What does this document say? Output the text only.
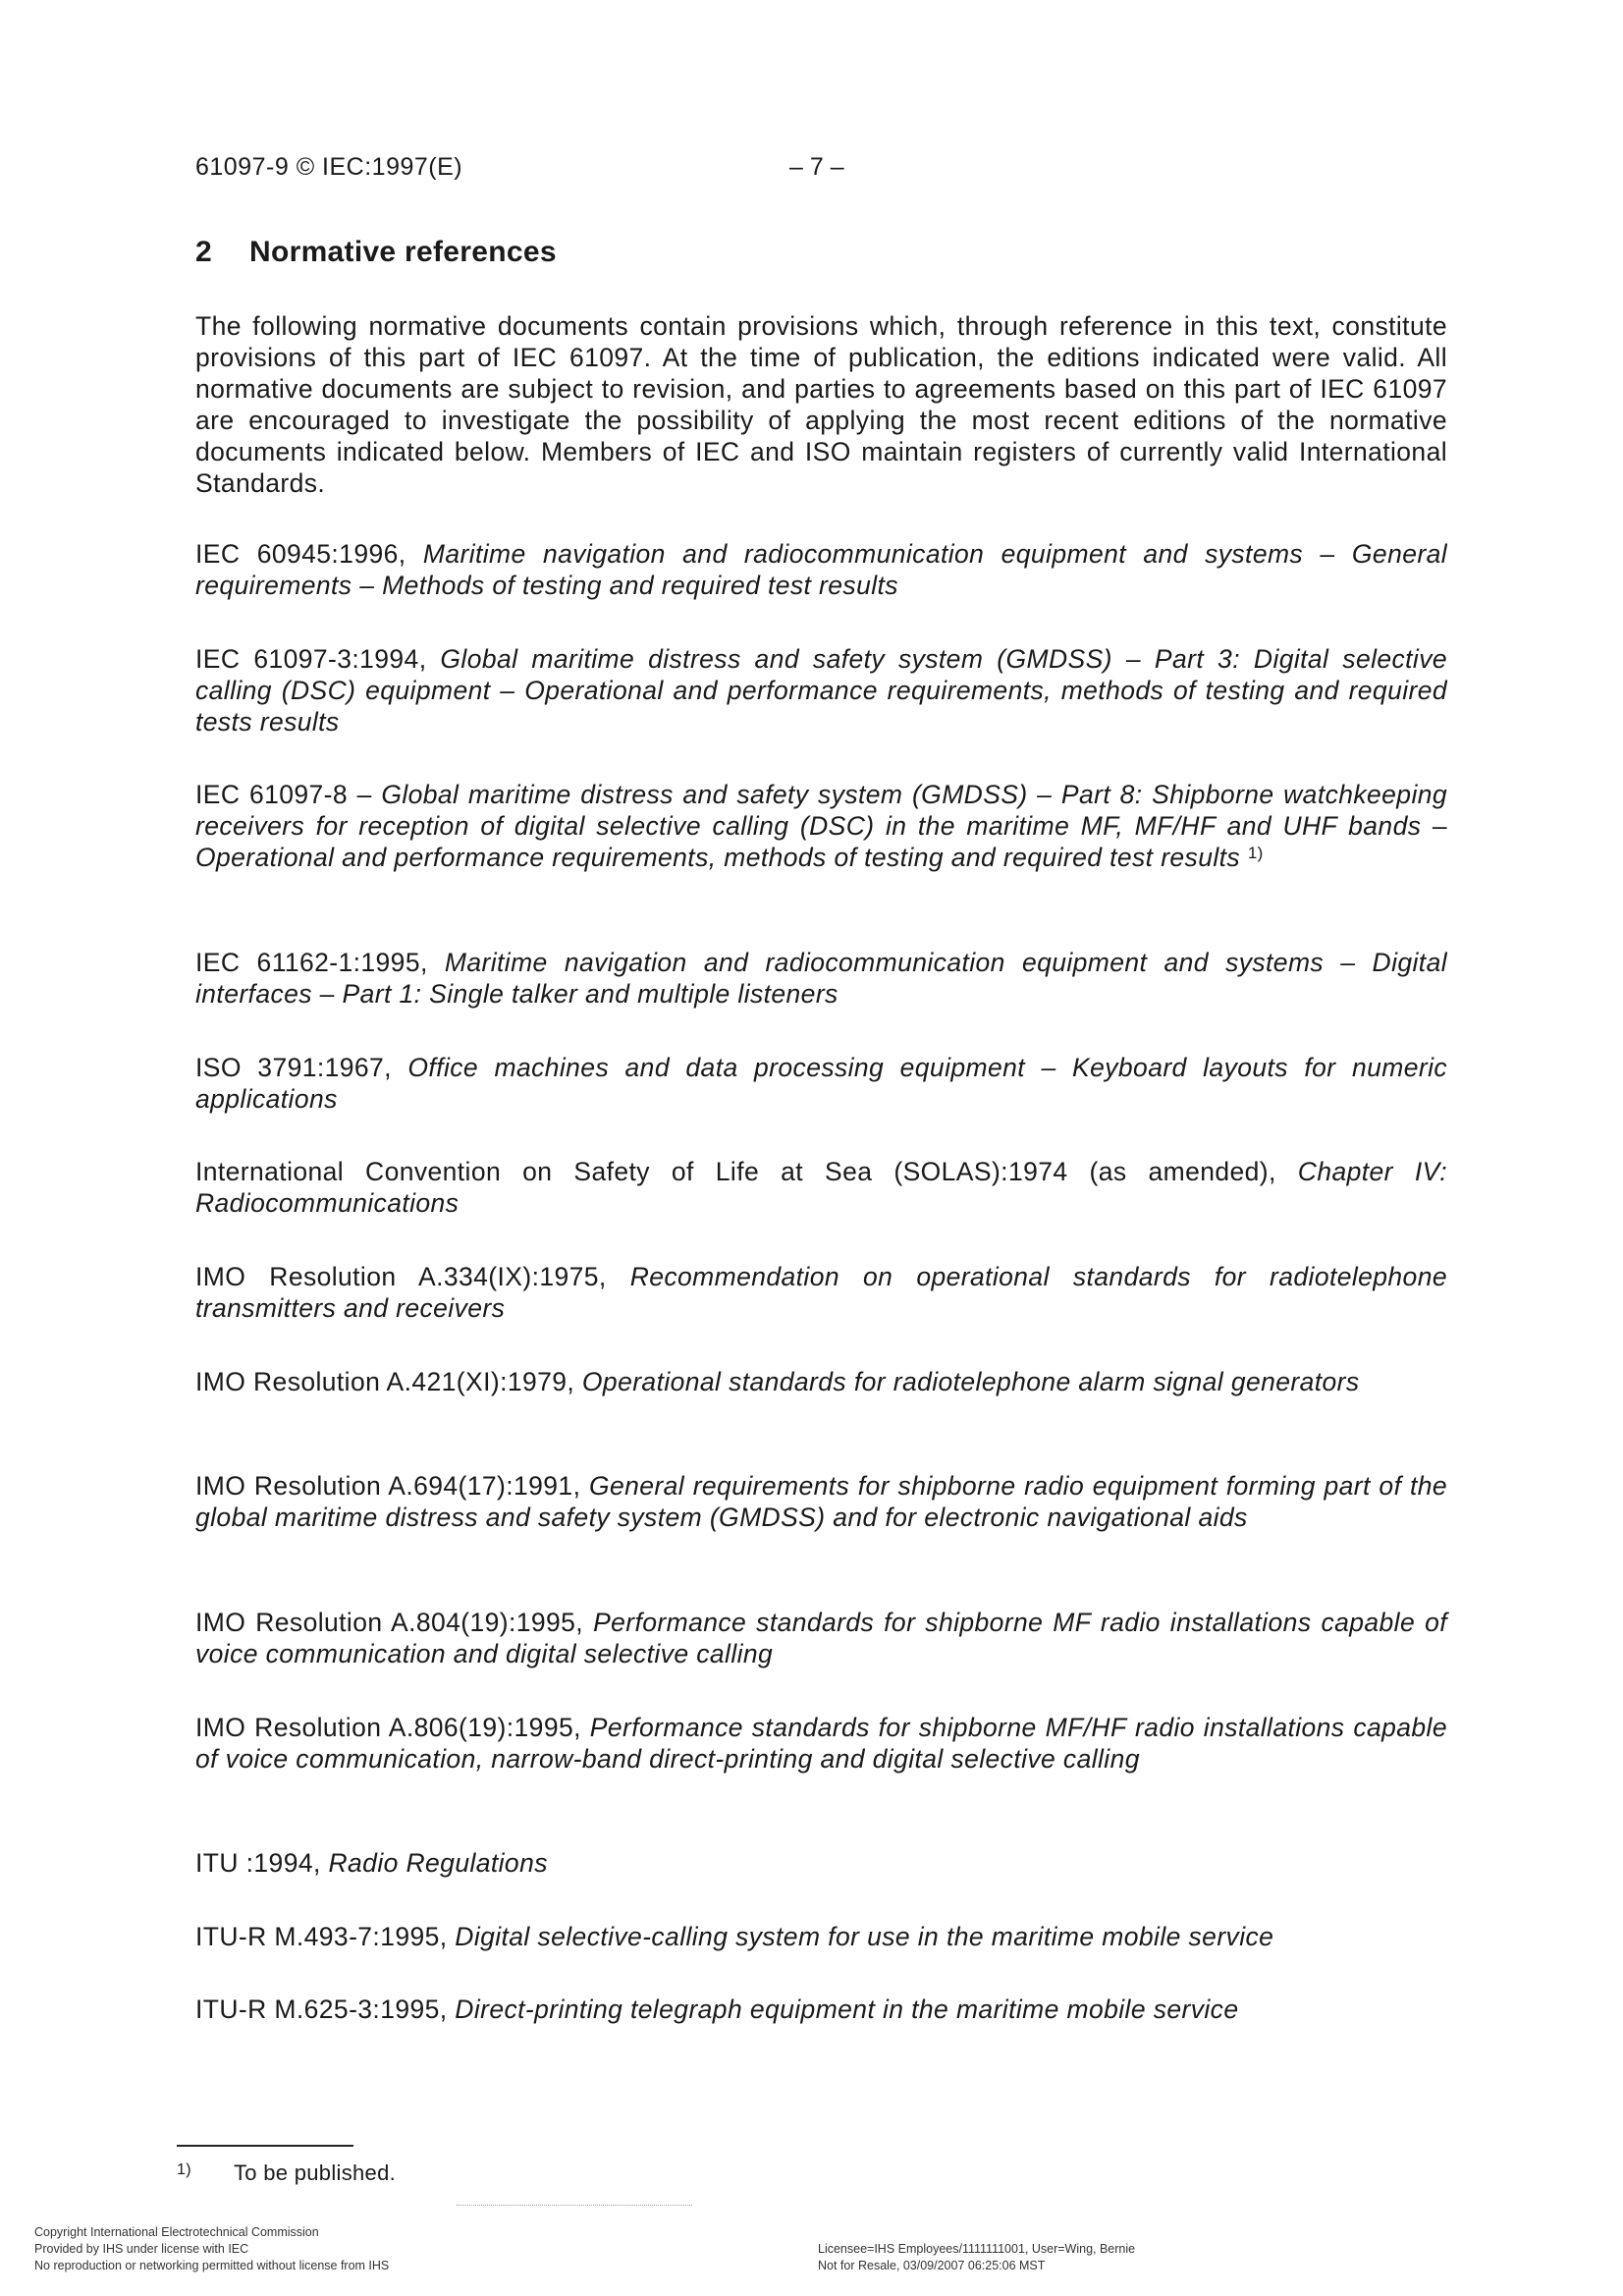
61097-9 © IEC:1997(E)	– 7 –
2 Normative references
The following normative documents contain provisions which, through reference in this text, constitute provisions of this part of IEC 61097. At the time of publication, the editions indicated were valid. All normative documents are subject to revision, and parties to agreements based on this part of IEC 61097 are encouraged to investigate the possibility of applying the most recent editions of the normative documents indicated below. Members of IEC and ISO maintain registers of currently valid International Standards.
IEC 60945:1996, Maritime navigation and radiocommunication equipment and systems – General requirements – Methods of testing and required test results
IEC 61097-3:1994, Global maritime distress and safety system (GMDSS) – Part 3: Digital selective calling (DSC) equipment – Operational and performance requirements, methods of testing and required tests results
IEC 61097-8 – Global maritime distress and safety system (GMDSS) – Part 8: Shipborne watchkeeping receivers for reception of digital selective calling (DSC) in the maritime MF, MF/HF and UHF bands – Operational and performance requirements, methods of testing and required test results $^{1)}$
IEC 61162-1:1995, Maritime navigation and radiocommunication equipment and systems – Digital interfaces – Part 1: Single talker and multiple listeners
ISO 3791:1967, Office machines and data processing equipment – Keyboard layouts for numeric applications
International Convention on Safety of Life at Sea (SOLAS):1974 (as amended), Chapter IV: Radiocommunications
IMO Resolution A.334(IX):1975, Recommendation on operational standards for radiotelephone transmitters and receivers
IMO Resolution A.421(XI):1979, Operational standards for radiotelephone alarm signal generators
IMO Resolution A.694(17):1991, General requirements for shipborne radio equipment forming part of the global maritime distress and safety system (GMDSS) and for electronic navigational aids
IMO Resolution A.804(19):1995, Performance standards for shipborne MF radio installations capable of voice communication and digital selective calling
IMO Resolution A.806(19):1995, Performance standards for shipborne MF/HF radio installations capable of voice communication, narrow-band direct-printing and digital selective calling
ITU :1994, Radio Regulations
ITU-R M.493-7:1995, Digital selective-calling system for use in the maritime mobile service
ITU-R M.625-3:1995, Direct-printing telegraph equipment in the maritime mobile service
1) To be published.
Copyright International Electrotechnical Commission
Provided by IHS under license with IEC
No reproduction or networking permitted without license from IHS
Licensee=IHS Employees/1111111001, User=Wing, Bernie
Not for Resale, 03/09/2007 06:25:06 MST
